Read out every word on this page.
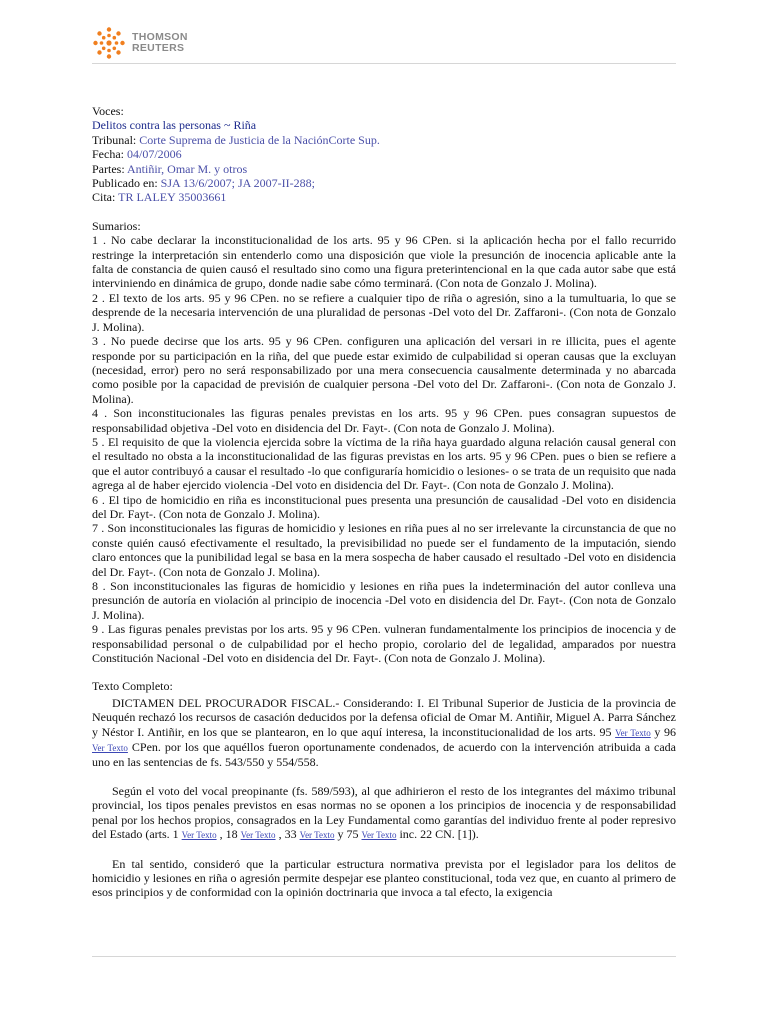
THOMSON
REUTERS

Voces:

Delitos contra las personas ~ Riña

Tribunal: Corte Suprema de Justicia de la NaciónCorte Sup.

Fecha: 04/07/2006

Partes: Antiñir, Omar M. y otros

Publicado en: SJA 13/6/2007; JA 2007-II-288;

Cita: TR LALEY 35003661

Sumarios:

1 . No cabe declarar la inconstitucionalidad de los arts. 95 y 96 CPen. si la aplicación hecha por el fallo recurrido restringe la interpretación sin entenderlo como una disposición que viole la presunción de inocencia aplicable ante la falta de constancia de quien causó el resultado sino como una figura preterintencional en la que cada autor sabe que está interviniendo en dinámica de grupo, donde nadie sabe cómo terminará. (Con nota de Gonzalo J. Molina).

2 . El texto de los arts. 95 y 96 CPen. no se refiere a cualquier tipo de riña o agresión, sino a la tumultuaria, lo que se desprende de la necesaria intervención de una pluralidad de personas -Del voto del Dr. Zaffaroni-. (Con nota de Gonzalo J. Molina).

3 . No puede decirse que los arts. 95 y 96 CPen. configuren una aplicación del versari in re illicita, pues el agente responde por su participación en la riña, del que puede estar eximido de culpabilidad si operan causas que la excluyan (necesidad, error) pero no será responsabilizado por una mera consecuencia causalmente determinada y no abarcada como posible por la capacidad de previsión de cualquier persona -Del voto del Dr. Zaffaroni-. (Con nota de Gonzalo J. Molina).

4 . Son inconstitucionales las figuras penales previstas en los arts. 95 y 96 CPen. pues consagran supuestos de responsabilidad objetiva -Del voto en disidencia del Dr. Fayt-. (Con nota de Gonzalo J. Molina).

5 . El requisito de que la violencia ejercida sobre la víctima de la riña haya guardado alguna relación causal general con el resultado no obsta a la inconstitucionalidad de las figuras previstas en los arts. 95 y 96 CPen. pues o bien se refiere a que el autor contribuyó a causar el resultado -lo que configuraría homicidio o lesiones- o se trata de un requisito que nada agrega al de haber ejercido violencia -Del voto en disidencia del Dr. Fayt-. (Con nota de Gonzalo J. Molina).

6 . El tipo de homicidio en riña es inconstitucional pues presenta una presunción de causalidad -Del voto en disidencia del Dr. Fayt-. (Con nota de Gonzalo J. Molina).

7 . Son inconstitucionales las figuras de homicidio y lesiones en riña pues al no ser irrelevante la circunstancia de que no conste quién causó efectivamente el resultado, la previsibilidad no puede ser el fundamento de la imputación, siendo claro entonces que la punibilidad legal se basa en la mera sospecha de haber causado el resultado -Del voto en disidencia del Dr. Fayt-. (Con nota de Gonzalo J. Molina).

8 . Son inconstitucionales las figuras de homicidio y lesiones en riña pues la indeterminación del autor conlleva una presunción de autoría en violación al principio de inocencia -Del voto en disidencia del Dr. Fayt-. (Con nota de Gonzalo J. Molina).

9 . Las figuras penales previstas por los arts. 95 y 96 CPen. vulneran fundamentalmente los principios de inocencia y de responsabilidad personal o de culpabilidad por el hecho propio, corolario del de legalidad, amparados por nuestra Constitución Nacional -Del voto en disidencia del Dr. Fayt-. (Con nota de Gonzalo J. Molina).

Texto Completo:

DICTAMEN DEL PROCURADOR FISCAL.- Considerando: I. El Tribunal Superior de Justicia de la provincia de Neuquén rechazó los recursos de casación deducidos por la defensa oficial de Omar M. Antiñir, Miguel A. Parra Sánchez y Néstor I. Antiñir, en los que se plantearon, en lo que aquí interesa, la inconstitucionalidad de los arts. 95 Ver Texto y 96 Ver Texto CPen. por los que aquéllos fueron oportunamente condenados, de acuerdo con la intervención atribuida a cada uno en las sentencias de fs. 543/550 y 554/558.

Según el voto del vocal preopinante (fs. 589/593), al que adhirieron el resto de los integrantes del máximo tribunal provincial, los tipos penales previstos en esas normas no se oponen a los principios de inocencia y de responsabilidad penal por los hechos propios, consagrados en la Ley Fundamental como garantías del individuo frente al poder represivo del Estado (arts. 1 Ver Texto , 18 Ver Texto , 33 Ver Texto y 75 Ver Texto inc. 22 CN. [1]).

En tal sentido, consideró que la particular estructura normativa prevista por el legislador para los delitos de homicidio y lesiones en riña o agresión permite despejar ese planteo constitucional, toda vez que, en cuanto al primero de esos principios y de conformidad con la opinión doctrinaria que invoca a tal efecto, la exigencia
